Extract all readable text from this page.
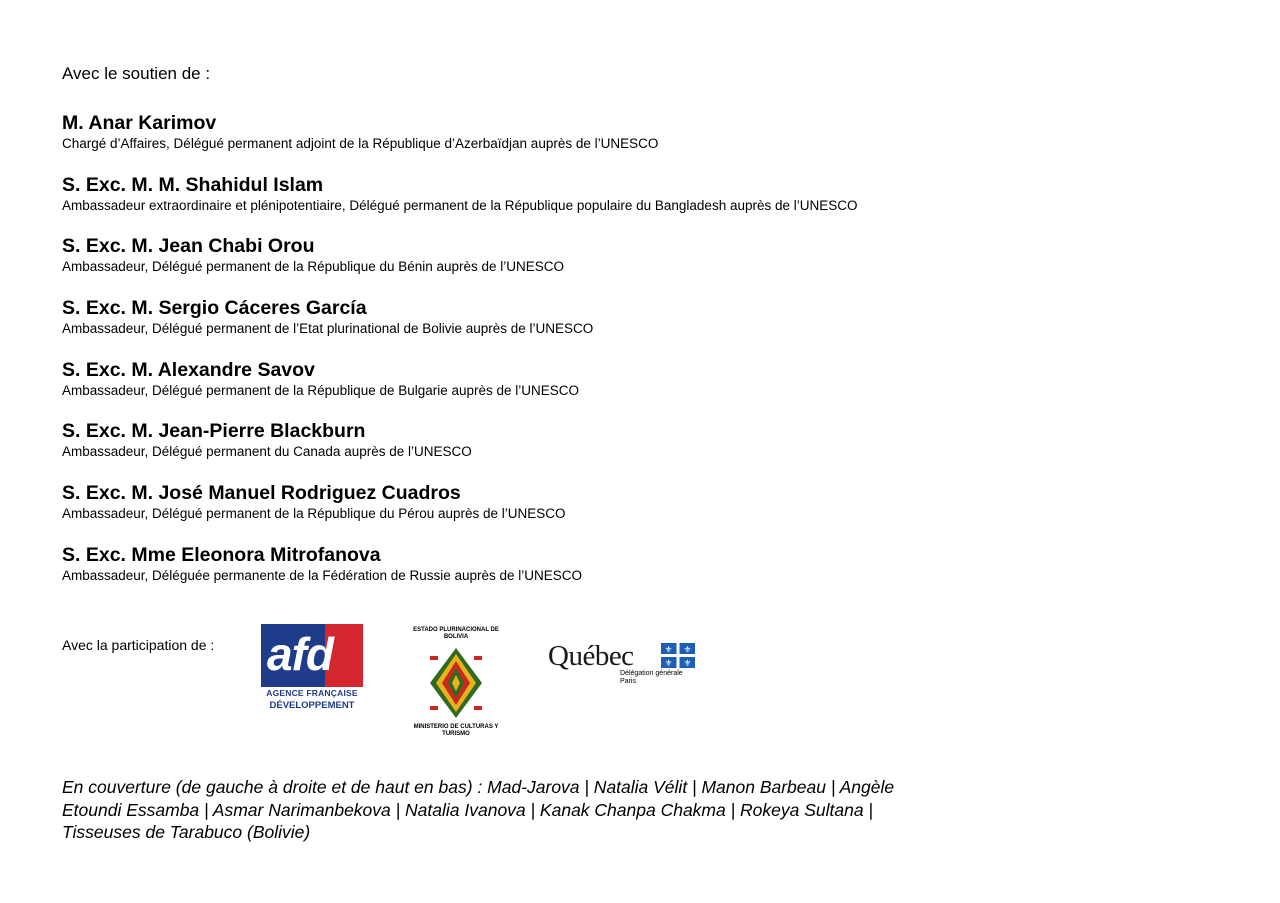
Avec le soutien de :
M. Anar Karimov
Chargé d’Affaires, Délégué permanent adjoint de la République d’Azerbaïdjan auprès de l’UNESCO
S. Exc. M. M. Shahidul Islam
Ambassadeur extraordinaire et plénipotentiaire, Délégué permanent de la République populaire du Bangladesh auprès de l’UNESCO
S. Exc. M. Jean Chabi Orou
Ambassadeur, Délégué permanent de la République du Bénin auprès de l’UNESCO
S. Exc. M. Sergio Cáceres García
Ambassadeur, Délégué permanent de l’Etat plurinational de Bolivie auprès de l’UNESCO
S. Exc. M. Alexandre Savov
Ambassadeur, Délégué permanent de la République de Bulgarie auprès de l’UNESCO
S. Exc. M. Jean-Pierre Blackburn
Ambassadeur, Délégué permanent du Canada auprès de l’UNESCO
S. Exc. M. José Manuel Rodriguez Cuadros
Ambassadeur, Délégué permanent de la République du Pérou auprès de l’UNESCO
S. Exc. Mme Eleonora Mitrofanova
Ambassadeur, Déléguée permanente de la Fédération de Russie auprès de l’UNESCO
Avec la participation de : afd
AGENCE FRANÇAISE
DÉVELOPPEMENT
ESTADO PLURINACIONAL DE BOLIVIA
MINISTERIO DE CULTURAS Y TURISMO
Québec	⚜ ⚜
⚜ ⚜
Délégation générale
Paris
En couverture (de gauche à droite et de haut en bas) : Mad-Jarova | Natalia Vélit | Manon Barbeau | Angèle Etoundi Essamba | Asmar Narimanbekova | Natalia Ivanova | Kanak Chanpa Chakma | Rokeya Sultana | Tisseuses de Tarabuco (Bolivie)
